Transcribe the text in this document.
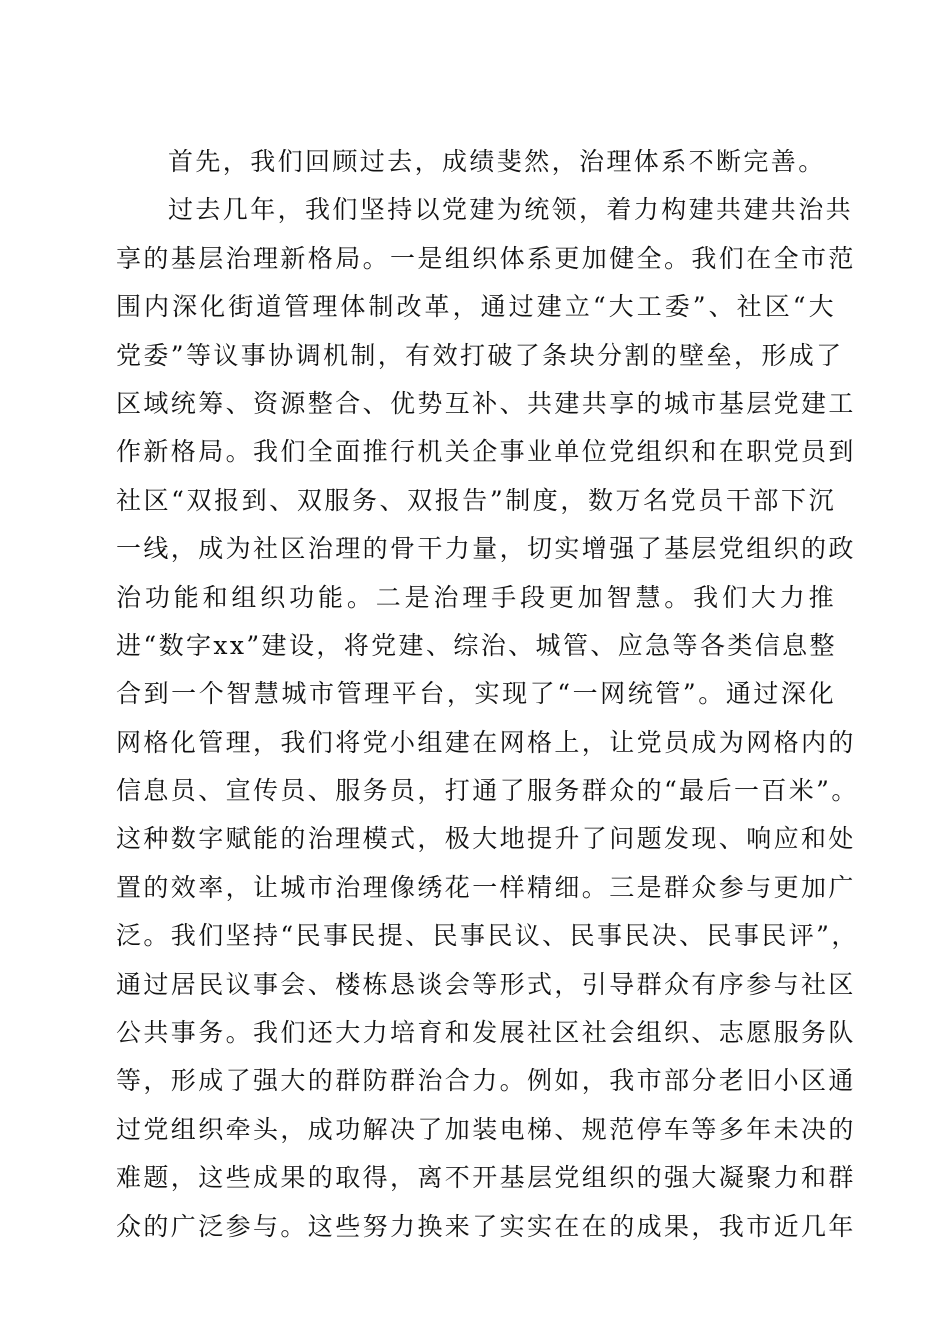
首先，我们回顾过去，成绩斐然，治理体系不断完善。
过去几年，我们坚持以党建为统领，着力构建共建共治共
享的基层治理新格局。一是组织体系更加健全。我们在全市范
围内深化街道管理体制改革，通过建立“大工委”、社区“大
党委”等议事协调机制，有效打破了条块分割的壁垒，形成了
区域统筹、资源整合、优势互补、共建共享的城市基层党建工
作新格局。我们全面推行机关企事业单位党组织和在职党员到
社区“双报到、双服务、双报告”制度，数万名党员干部下沉
一线，成为社区治理的骨干力量，切实增强了基层党组织的政
治功能和组织功能。二是治理手段更加智慧。我们大力推
进“数字xx”建设，将党建、综治、城管、应急等各类信息整
合到一个智慧城市管理平台，实现了“一网统管”。通过深化
网格化管理，我们将党小组建在网格上，让党员成为网格内的
信息员、宣传员、服务员，打通了服务群众的“最后一百米”。
这种数字赋能的治理模式，极大地提升了问题发现、响应和处
置的效率，让城市治理像绣花一样精细。三是群众参与更加广
泛。我们坚持“民事民提、民事民议、民事民决、民事民评”，
通过居民议事会、楼栋恳谈会等形式，引导群众有序参与社区
公共事务。我们还大力培育和发展社区社会组织、志愿服务队
等，形成了强大的群防群治合力。例如，我市部分老旧小区通
过党组织牵头，成功解决了加装电梯、规范停车等多年未决的
难题，这些成果的取得，离不开基层党组织的强大凝聚力和群
众的广泛参与。这些努力换来了实实在在的成果，我市近几年
